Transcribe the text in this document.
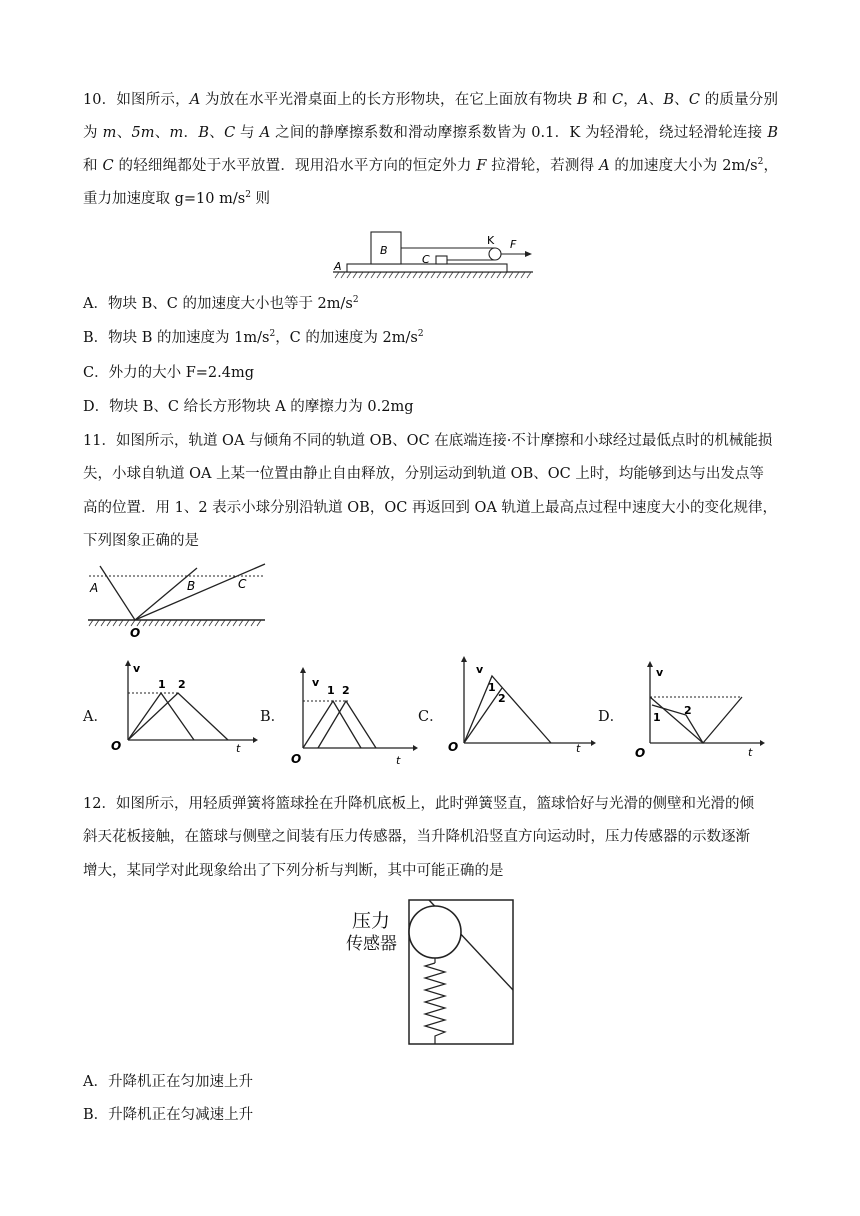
10．如图所示，A 为放在水平光滑桌面上的长方形物块，在它上面放有物块 B 和 C，A、B、C 的质量分别为 m、5m、m．B、C 与 A 之间的静摩擦系数和滑动摩擦系数皆为 0.1．K 为轻滑轮，绕过轻滑轮连接 B 和 C 的轻细绳都处于水平放置．现用沿水平方向的恒定外力 F 拉滑轮，若测得 A 的加速度大小为 $2m/s^2$，重力加速度取 g=10 $m/s^2$ 则
B
C
A
K F
A．物块 B、C 的加速度大小也等于 $2m/s^2$
B．物块 B 的加速度为 $1m/s^2$，C 的加速度为 $2m/s^2$
C．外力的大小 F=2.4mg
D．物块 B、C 给长方形物块 A 的摩擦力为 0.2mg
11．如图所示，轨道 OA 与倾角不同的轨道 OB、OC 在底端连接·不计摩擦和小球经过最低点时的机械能损
失，小球自轨道 OA 上某一位置由静止自由释放，分别运动到轨道 OB、OC 上时，均能够到达与出发点等
高的位置．用 1、2 表示小球分别沿轨道 OB，OC 再返回到 OA 轨道上最高点过程中速度大小的变化规律，
下列图象正确的是
A	B	C
O
A．
v
t
O
1 2
B．
v
t
O
1 2
C．
v
t
O
1
2
D．
v
t
O
1
2
12．如图所示，用轻质弹簧将篮球拴在升降机底板上，此时弹簧竖直，篮球恰好与光滑的侧壁和光滑的倾
斜天花板接触，在篮球与侧壁之间装有压力传感器，当升降机沿竖直方向运动时，压力传感器的示数逐渐
增大，某同学对此现象给出了下列分析与判断，其中可能正确的是
压力
传感器
A．升降机正在匀加速上升
B．升降机正在匀减速上升
